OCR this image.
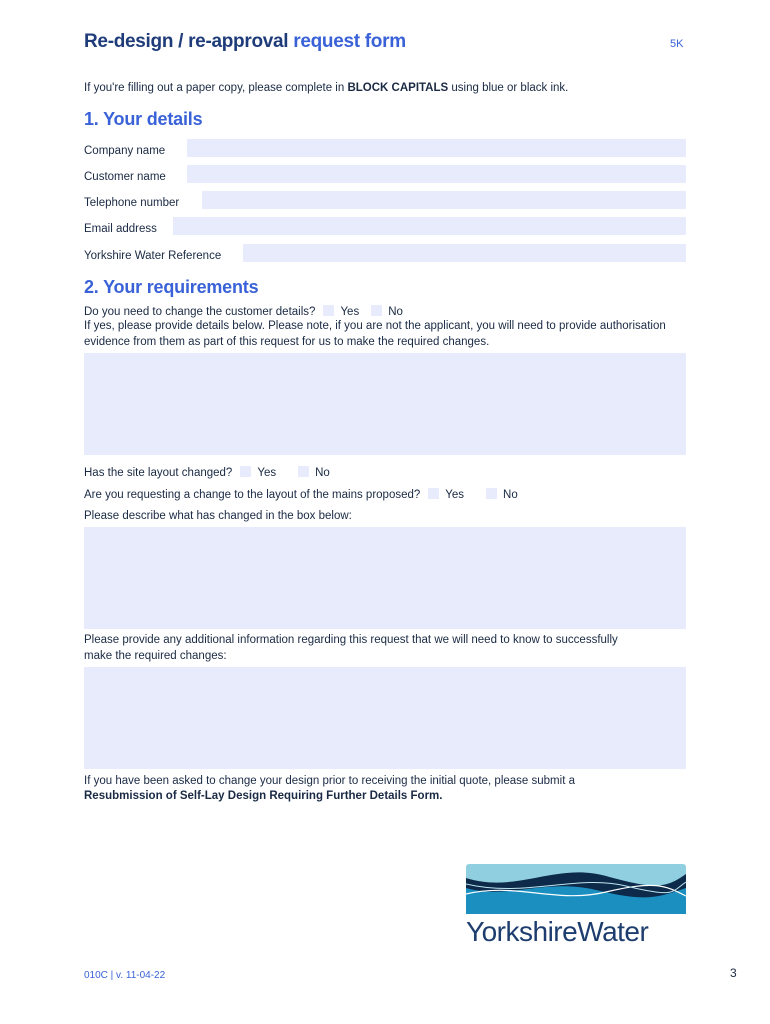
Re-design / re-approval request form	5K
If you're filling out a paper copy, please complete in BLOCK CAPITALS using blue or black ink.
1. Your details
Company name
Customer name
Telephone number
Email address
Yorkshire Water Reference
2. Your requirements
Do you need to change the customer details? Yes	No
If yes, please provide details below. Please note, if you are not the applicant, you will need to provide authorisation evidence from them as part of this request for us to make the required changes.
Has the site layout changed? Yes	No
Are you requesting a change to the layout of the mains proposed? Yes	No
Please describe what has changed in the box below:
Please provide any additional information regarding this request that we will need to know to successfully make the required changes:
If you have been asked to change your design prior to receiving the initial quote, please submit a
Resubmission of Self-Lay Design Requiring Further Details Form.
YorkshireWater
010C | v. 11-04-22	3
